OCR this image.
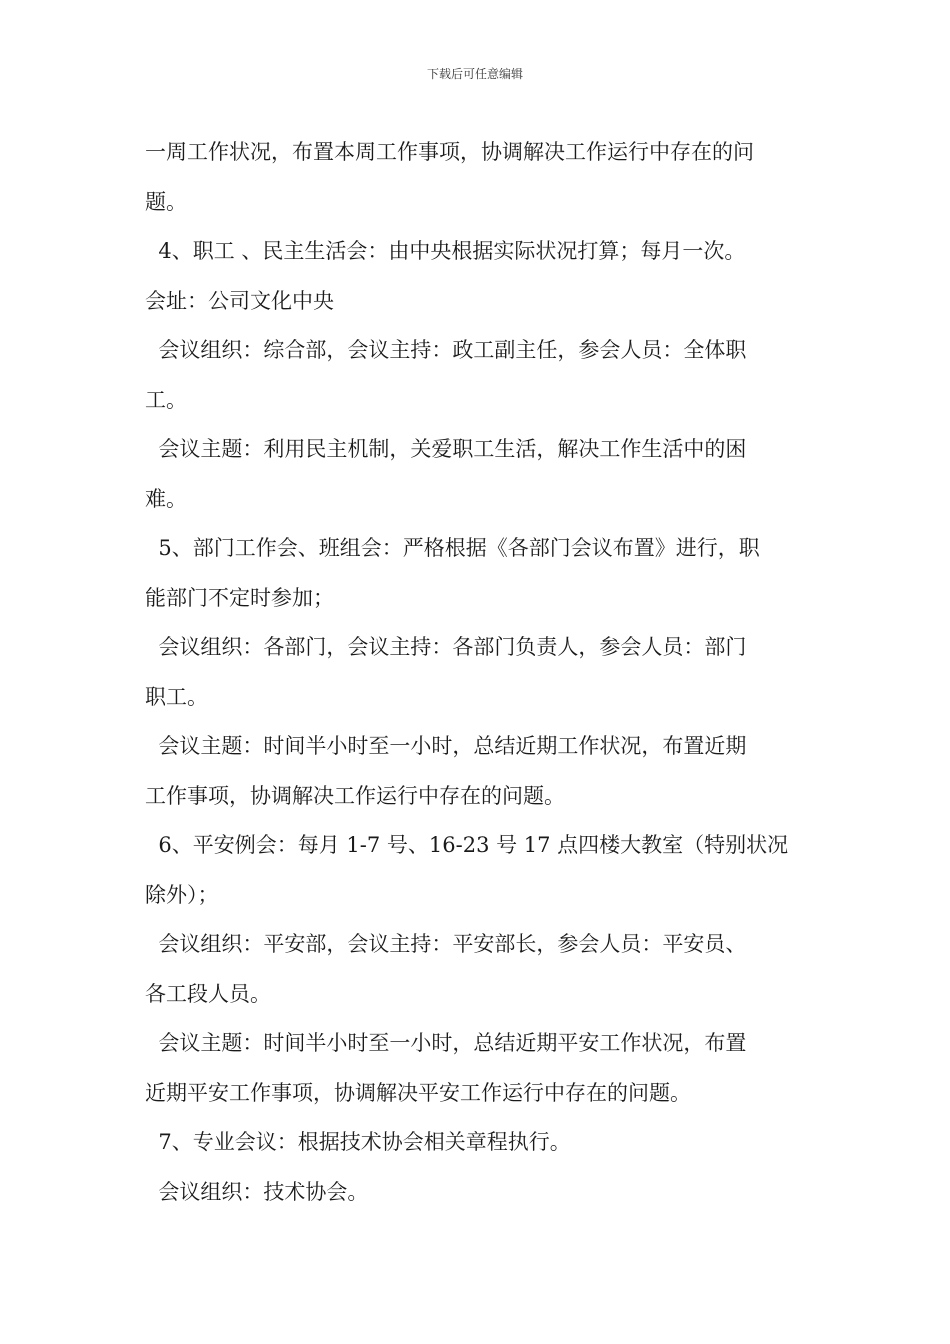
下载后可任意编辑

一周工作状况，布置本周工作事项，协调解决工作运行中存在的问

题。

4、职工 、民主生活会：由中央根据实际状况打算；每月一次。

会址：公司文化中央

会议组织：综合部，会议主持：政工副主任，参会人员：全体职

工。

会议主题：利用民主机制，关爱职工生活，解决工作生活中的困

难。

5、部门工作会、班组会：严格根据《各部门会议布置》进行，职

能部门不定时参加；

会议组织：各部门，会议主持：各部门负责人，参会人员：部门

职工。

会议主题：时间半小时至一小时，总结近期工作状况，布置近期

工作事项，协调解决工作运行中存在的问题。

6、平安例会：每月 1-7 号、16-23 号 17 点四楼大教室（特别状况

除外）；

会议组织：平安部，会议主持：平安部长，参会人员：平安员、

各工段人员。

会议主题：时间半小时至一小时，总结近期平安工作状况，布置

近期平安工作事项，协调解决平安工作运行中存在的问题。

7、专业会议：根据技术协会相关章程执行。

会议组织：技术协会。
